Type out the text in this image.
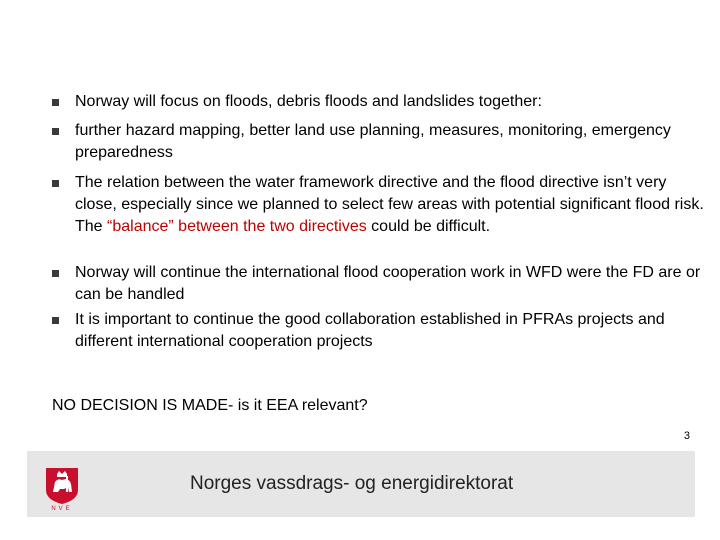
Norway will focus on floods, debris floods and landslides together:
further hazard mapping, better land use planning, measures, monitoring, emergency preparedness
The relation between the water framework directive and the flood directive isn’t very close, especially since we planned to select few areas with potential significant flood risk. The “balance” between the two directives could be difficult.
Norway will continue the international flood cooperation work in WFD were the FD are or can be handled
It is important to continue the good collaboration established in PFRAs projects and different international cooperation projects
NO DECISION IS MADE- is it EEA relevant?
3
NVE
Norges vassdrags- og energidirektorat
